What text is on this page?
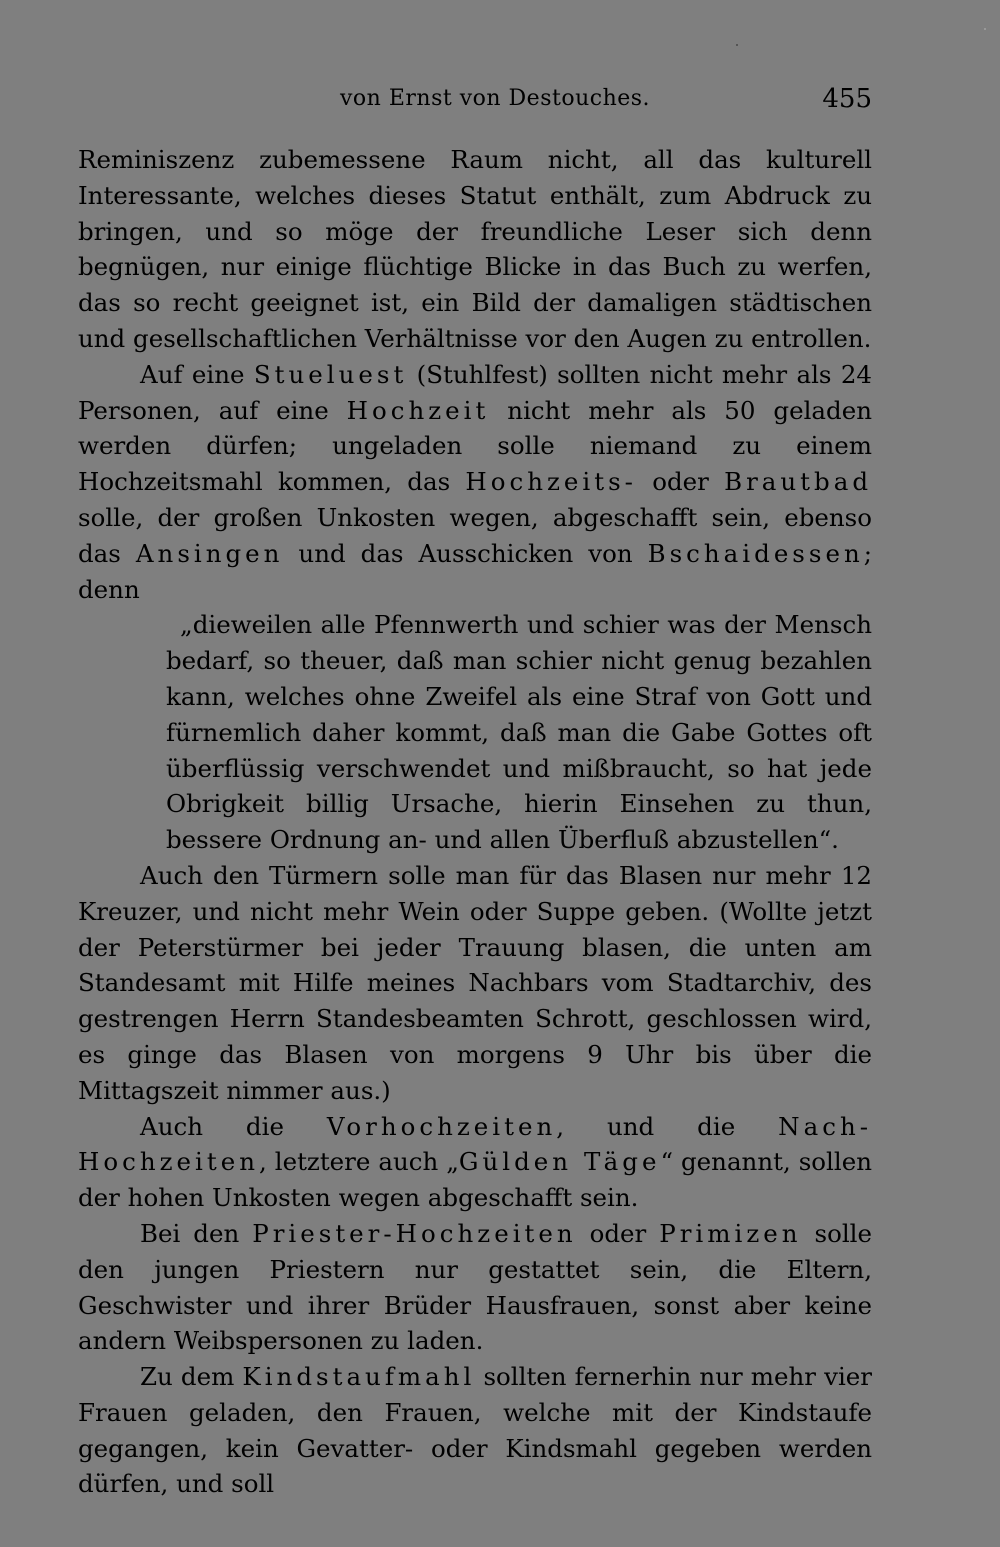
von Ernst von Destouches.	455

Reminiszenz zubemessene Raum nicht, all das kulturell Interessante, welches dieses Statut enthält, zum Abdruck zu bringen, und so möge der freundliche Leser sich denn begnügen, nur einige flüchtige Blicke in das Buch zu werfen, das so recht geeignet ist, ein Bild der damaligen städtischen und gesellschaftlichen Verhältnisse vor den Augen zu entrollen.

Auf eine Stueluest (Stuhlfest) sollten nicht mehr als 24 Personen, auf eine Hochzeit nicht mehr als 50 geladen werden dürfen; ungeladen solle niemand zu einem Hochzeitsmahl kommen, das Hochzeits- oder Brautbad solle, der großen Unkosten wegen, abgeschafft sein, ebenso das Ansingen und das Ausschicken von Bschaidessen; denn

„dieweilen alle Pfennwerth und schier was der Mensch bedarf, so theuer, daß man schier nicht genug bezahlen kann, welches ohne Zweifel als eine Straf von Gott und fürnemlich daher kommt, daß man die Gabe Gottes oft überflüssig verschwendet und mißbraucht, so hat jede Obrigkeit billig Ursache, hierin Einsehen zu thun, bessere Ordnung an- und allen Überfluß abzustellen“.

Auch den Türmern solle man für das Blasen nur mehr 12 Kreuzer, und nicht mehr Wein oder Suppe geben. (Wollte jetzt der Peterstürmer bei jeder Trauung blasen, die unten am Standesamt mit Hilfe meines Nachbars vom Stadtarchiv, des gestrengen Herrn Standesbeamten Schrott, geschlossen wird, es ginge das Blasen von morgens 9 Uhr bis über die Mittagszeit nimmer aus.)

Auch die Vorhochzeiten, und die Nach-Hochzeiten, letztere auch „Gülden Täge“ genannt, sollen der hohen Unkosten wegen abgeschafft sein.

Bei den Priester-Hochzeiten oder Primizen solle den jungen Priestern nur gestattet sein, die Eltern, Geschwister und ihrer Brüder Hausfrauen, sonst aber keine andern Weibspersonen zu laden.

Zu dem Kindstaufmahl sollten fernerhin nur mehr vier Frauen geladen, den Frauen, welche mit der Kindstaufe gegangen, kein Gevatter- oder Kindsmahl gegeben werden dürfen, und soll
